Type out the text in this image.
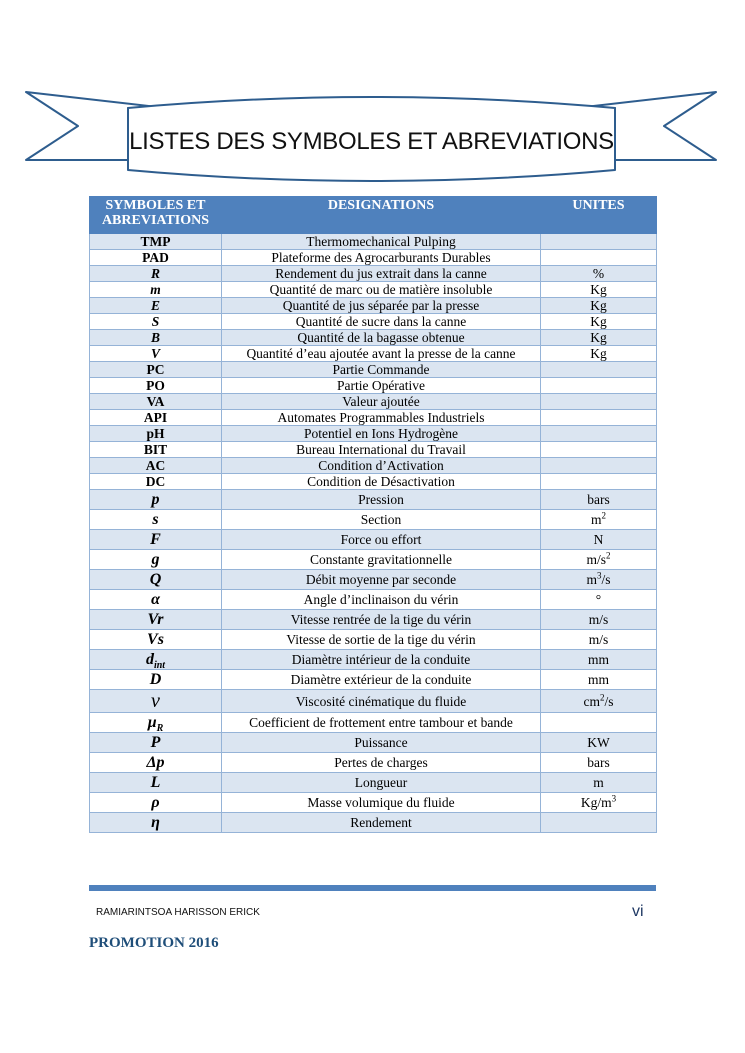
LISTES DES SYMBOLES ET ABREVIATIONS
SYMBOLES ET ABREVIATIONS	DESIGNATIONS	UNITES
TMP	Thermomechanical Pulping	
PAD	Plateforme des Agrocarburants Durables	
R	Rendement du jus extrait dans la canne	%
m	Quantité de marc ou de matière insoluble	Kg
E	Quantité de jus séparée par la presse	Kg
S	Quantité de sucre dans la canne	Kg
B	Quantité de la bagasse obtenue	Kg
V	Quantité d’eau ajoutée avant la presse de la canne	Kg
PC	Partie Commande	
PO	Partie Opérative	
VA	Valeur ajoutée	
API	Automates Programmables Industriels	
pH	Potentiel en Ions Hydrogène	
BIT	Bureau International du Travail	
AC	Condition d’Activation	
DC	Condition de Désactivation	
p	Pression	bars
s	Section	$m^2$
F	Force ou effort	N
g	Constante gravitationnelle	$m/s^2$
Q	Débit moyenne par seconde	$m^3/s$
α	Angle d’inclinaison du vérin	°
Vr	Vitesse rentrée de la tige du vérin	m/s
Vs	Vitesse de sortie de la tige du vérin	m/s
$d_{int}$	Diamètre intérieur de la conduite	mm
D	Diamètre extérieur de la conduite	mm
ν	Viscosité cinématique du fluide	$cm^2/s$
$\mu_R$	Coefficient de frottement entre tambour et bande	
P	Puissance	KW
Δp	Pertes de charges	bars
L	Longueur	m
ρ	Masse volumique du fluide	$Kg/m^3$
η	Rendement	
RAMIARINTSOA HARISSON ERICK	vi
PROMOTION 2016
